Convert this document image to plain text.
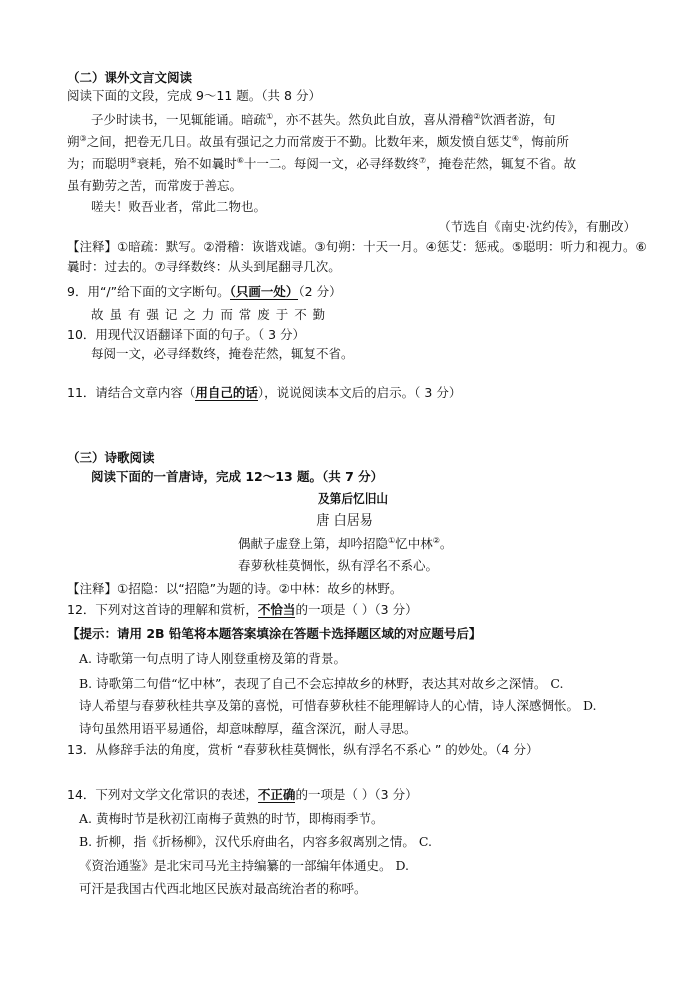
（二）课外文言文阅读
阅读下面的文段，完成 9～11 题。（共 8 分）
子少时读书，一见辄能诵。暗疏①，亦不甚失。然负此自放，喜从滑稽②饮酒者游，旬
朔③之间，把卷无几日。故虽有强记之力而常废于不勤。比数年来，颇发愤自惩艾④，悔前所
为；而聪明⑤衰耗，殆不如曩时⑥十一二。每阅一文，必寻绎数终⑦，掩卷茫然，辄复不省。故
虽有勤劳之苦，而常废于善忘。
嗟夫！败吾业者，常此二物也。
（节选自《南史·沈约传》，有删改）
【注释】①暗疏：默写。②滑稽：诙谐戏谑。③旬朔：十天一月。④惩艾：惩戒。⑤聪明：听力和视力。⑥
曩时：过去的。⑦寻绎数终：从头到尾翻寻几次。
9．用“/”给下面的文字断句。（只画一处）（2 分）
故 虽 有 强 记 之 力 而 常 废 于 不 勤
10．用现代汉语翻译下面的句子。（ 3 分）
每阅一文，必寻绎数终，掩卷茫然，辄复不省。
11．请结合文章内容（用自己的话），说说阅读本文后的启示。（ 3 分）
（三）诗歌阅读
阅读下面的一首唐诗，完成 12～13 题。（共 7 分）
及第后忆旧山
唐 白居易
偶献子虚登上第，却吟招隐①忆中林②。
春萝秋桂莫惆怅，纵有浮名不系心。
【注释】①招隐：以“招隐”为题的诗。②中林：故乡的林野。
12．下列对这首诗的理解和赏析，不恰当的一项是（ ）（3 分）
【提示：请用 2B 铅笔将本题答案填涂在答题卡选择题区域的对应题号后】
A. 诗歌第一句点明了诗人刚登重榜及第的背景。
B. 诗歌第二句借“忆中林”，表现了自己不会忘掉故乡的林野，表达其对故乡之深情。 C.
诗人希望与春萝秋桂共享及第的喜悦，可惜春萝秋桂不能理解诗人的心情，诗人深感惆怅。 D.
诗句虽然用语平易通俗，却意味醇厚，蕴含深沉，耐人寻思。
13．从修辞手法的角度，赏析 “春萝秋桂莫惆怅，纵有浮名不系心 ” 的妙处。（4 分）
14．下列对文学文化常识的表述，不正确的一项是（ ）（3 分）
A. 黄梅时节是秋初江南梅子黄熟的时节，即梅雨季节。
B. 折柳，指《折杨柳》，汉代乐府曲名，内容多叙离别之情。 C.
《资治通鉴》是北宋司马光主持编纂的一部编年体通史。 D.
可汗是我国古代西北地区民族对最高统治者的称呼。
